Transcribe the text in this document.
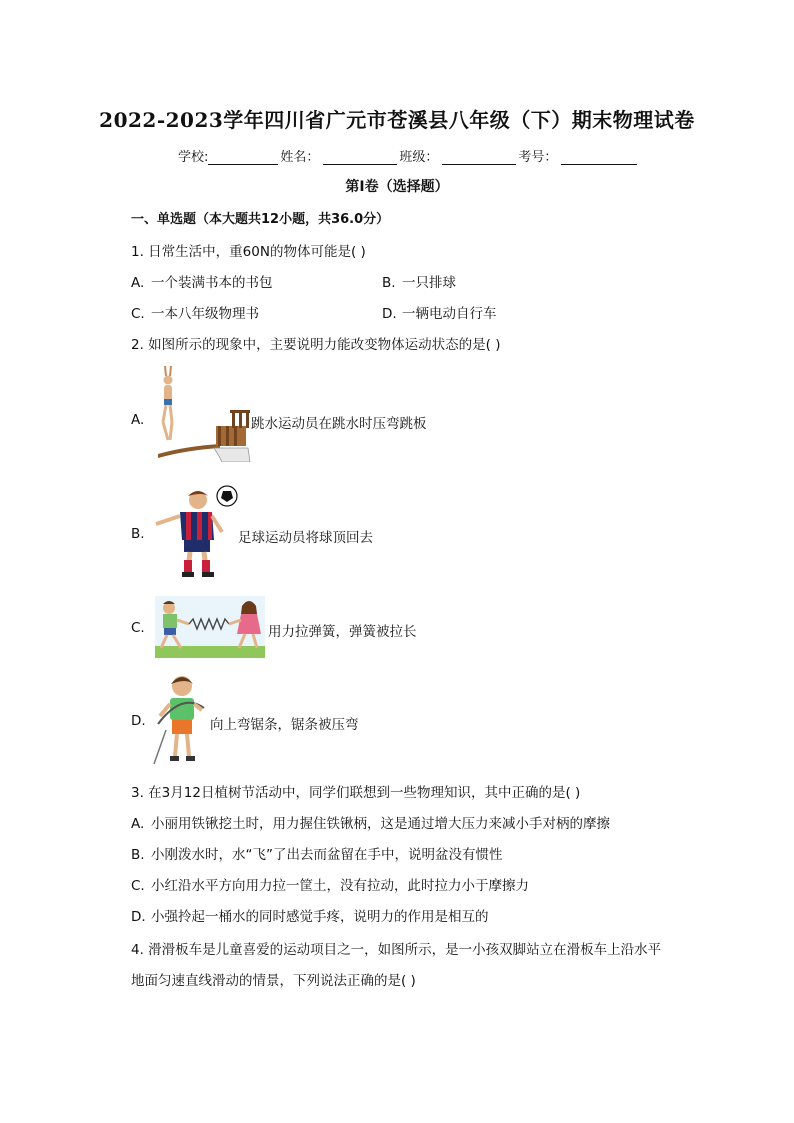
2022-2023学年四川省广元市苍溪县八年级（下）期末物理试卷
学校:	姓名：	班级：	考号：
第I卷（选择题）
一、单选题（本大题共12小题，共36.0分）
1. 日常生活中，重60N的物体可能是( )
A. 一个装满书本的书包	B. 一只排球
C. 一本八年级物理书	D. 一辆电动自行车
2. 如图所示的现象中，主要说明力能改变物体运动状态的是( )
A.	跳水运动员在跳水时压弯跳板
B.	足球运动员将球顶回去
C.	用力拉弹簧，弹簧被拉长
D.	向上弯锯条，锯条被压弯
3. 在3月12日植树节活动中，同学们联想到一些物理知识，其中正确的是( )
A. 小丽用铁锹挖土时，用力握住铁锹柄，这是通过增大压力来减小手对柄的摩擦
B. 小刚泼水时，水“飞”了出去而盆留在手中，说明盆没有惯性
C. 小红沿水平方向用力拉一筐土，没有拉动，此时拉力小于摩擦力
D. 小强拎起一桶水的同时感觉手疼，说明力的作用是相互的
4. 滑滑板车是儿童喜爱的运动项目之一，如图所示，是一小孩双脚站立在滑板车上沿水平
地面匀速直线滑动的情景，下列说法正确的是( )
